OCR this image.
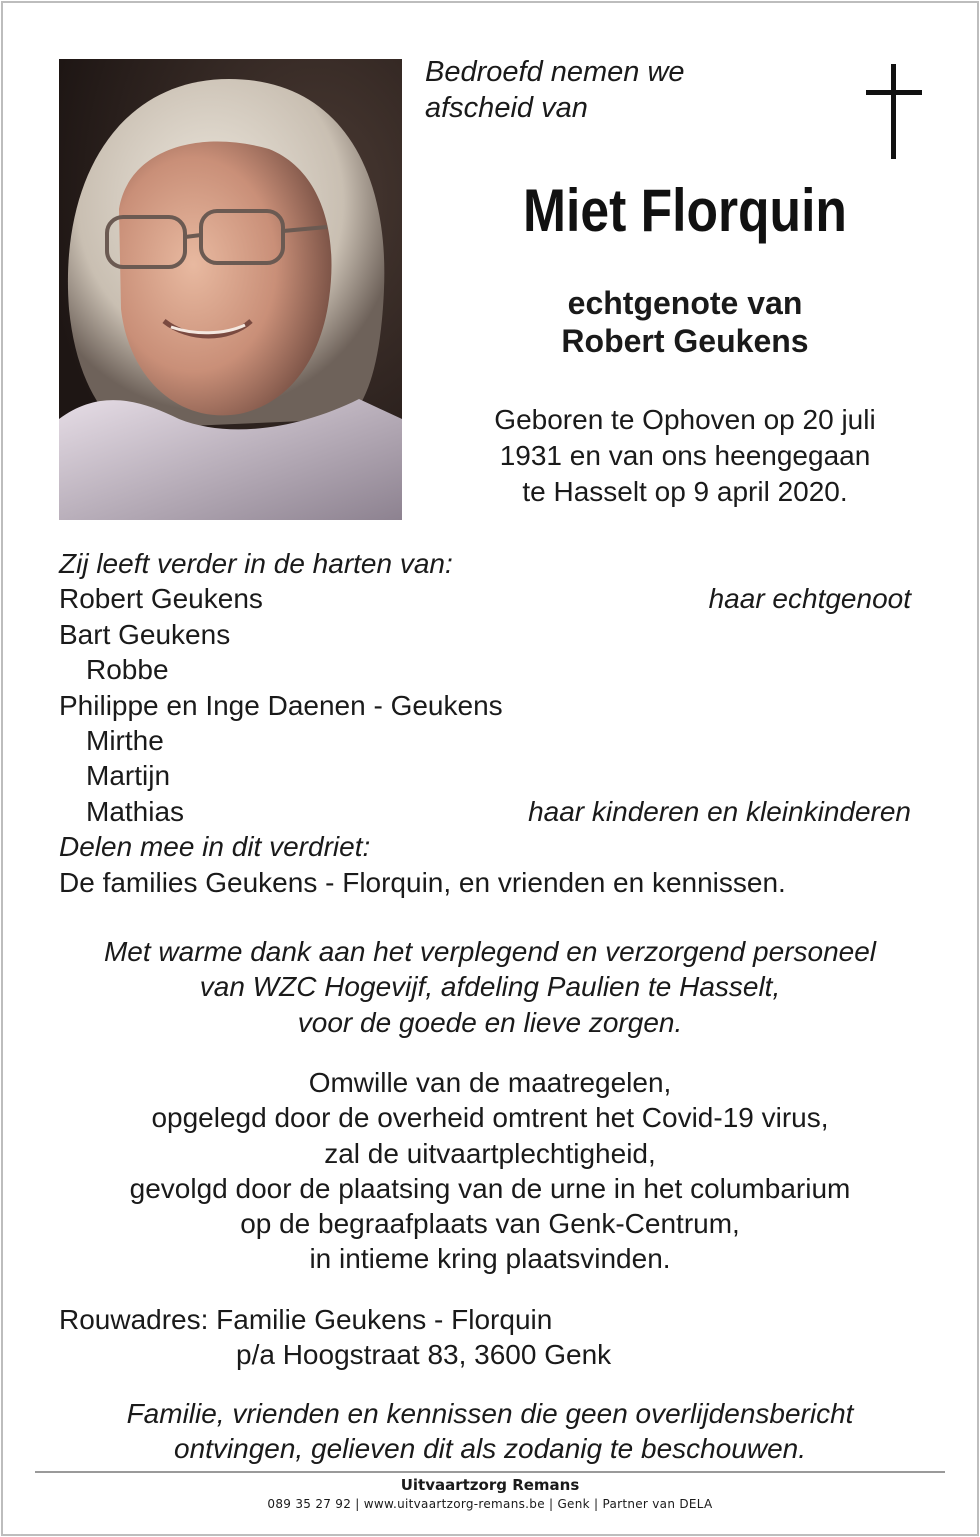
Bedroefd nemen we
afscheid van
Miet Florquin
echtgenote van
Robert Geukens
Geboren te Ophoven op 20 juli
1931 en van ons heengegaan
te Hasselt op 9 april 2020.
Zij leeft verder in de harten van:
Robert Geukens	haar echtgenoot
Bart Geukens
Robbe
Philippe en Inge Daenen - Geukens
Mirthe
Martijn
Mathias	haar kinderen en kleinkinderen
Delen mee in dit verdriet:
De families Geukens - Florquin, en vrienden en kennissen.
Met warme dank aan het verplegend en verzorgend personeel
van WZC Hogevijf, afdeling Paulien te Hasselt,
voor de goede en lieve zorgen.
Omwille van de maatregelen,
opgelegd door de overheid omtrent het Covid-19 virus,
zal de uitvaartplechtigheid,
gevolgd door de plaatsing van de urne in het columbarium
op de begraafplaats van Genk-Centrum,
in intieme kring plaatsvinden.
Rouwadres: Familie Geukens - Florquin
p/a Hoogstraat 83, 3600 Genk
Familie, vrienden en kennissen die geen overlijdensbericht
ontvingen, gelieven dit als zodanig te beschouwen.
Uitvaartzorg Remans
089 35 27 92 | www.uitvaartzorg-remans.be | Genk | Partner van DELA
